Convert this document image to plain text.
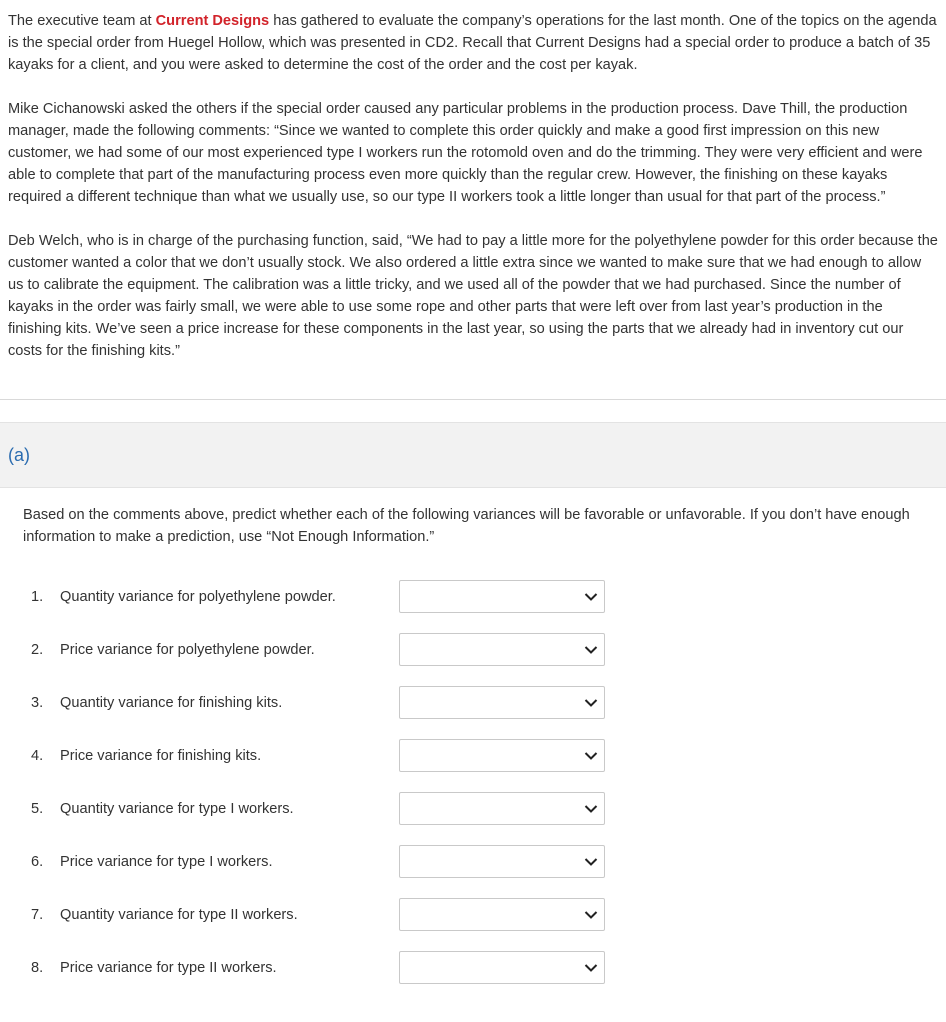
The executive team at Current Designs has gathered to evaluate the company’s operations for the last month. One of the topics on the agenda is the special order from Huegel Hollow, which was presented in CD2. Recall that Current Designs had a special order to produce a batch of 35 kayaks for a client, and you were asked to determine the cost of the order and the cost per kayak.

Mike Cichanowski asked the others if the special order caused any particular problems in the production process. Dave Thill, the production manager, made the following comments: “Since we wanted to complete this order quickly and make a good first impression on this new customer, we had some of our most experienced type I workers run the rotomold oven and do the trimming. They were very efficient and were able to complete that part of the manufacturing process even more quickly than the regular crew. However, the finishing on these kayaks required a different technique than what we usually use, so our type II workers took a little longer than usual for that part of the process.”

Deb Welch, who is in charge of the purchasing function, said, “We had to pay a little more for the polyethylene powder for this order because the customer wanted a color that we don’t usually stock. We also ordered a little extra since we wanted to make sure that we had enough to allow us to calibrate the equipment. The calibration was a little tricky, and we used all of the powder that we had purchased. Since the number of kayaks in the order was fairly small, we were able to use some rope and other parts that were left over from last year’s production in the finishing kits. We’ve seen a price increase for these components in the last year, so using the parts that we already had in inventory cut our costs for the finishing kits.”

(a)
Based on the comments above, predict whether each of the following variances will be favorable or unfavorable. If you don’t have enough information to make a prediction, use “Not Enough Information.”
1. Quantity variance for polyethylene powder.
2. Price variance for polyethylene powder.
3. Quantity variance for finishing kits.
4. Price variance for finishing kits.
5. Quantity variance for type I workers.
6. Price variance for type I workers.
7. Quantity variance for type II workers.
8. Price variance for type II workers.
